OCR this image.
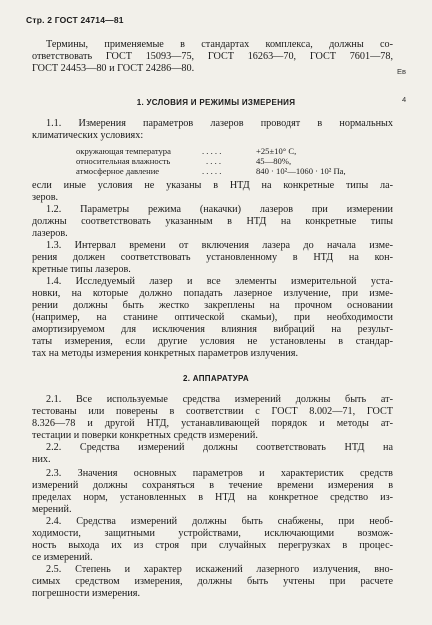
Стр. 2 ГОСТ 24714—81
Ев
4
Термины, применяемые в стандартах комплекса, должны со-
ответствовать ГОСТ 15093—75, ГОСТ 16263—70, ГОСТ 7601—78,
ГОСТ 24453—80 и ГОСТ 24286—80.
1. УСЛОВИЯ И РЕЖИМЫ ИЗМЕРЕНИЯ
1.1. Измерения параметров лазеров проводят в нормальных
климатических условиях:
окружающая температура	. . . . .	+25±10° С,
относительная влажность	. . . .	45—80%,
атмосферное давление	. . . . .	840 · 10²—1060 · 10² Па,
если иные условия не указаны в НТД на конкретные типы ла-
зеров.
1.2. Параметры режима (накачки) лазеров при измерении
должны соответствовать указанным в НТД на конкретные типы
лазеров.
1.3. Интервал времени от включения лазера до начала изме-
рения должен соответствовать установленному в НТД на кон-
кретные типы лазеров.
1.4. Исследуемый лазер и все элементы измерительной уста-
новки, на которые должно попадать лазерное излучение, при изме-
рении должны быть жестко закреплены на прочном основании
(например, на станине оптической скамьи), при необходимости
амортизируемом для исключения влияния вибраций на результ-
таты измерения, если другие условия не установлены в стандар-
тах на методы измерения конкретных параметров излучения.
2. АППАРАТУРА
2.1. Все используемые средства измерений должны быть ат-
тестованы или поверены в соответствии с ГОСТ 8.002—71, ГОСТ
8.326—78 и другой НТД, устанавливающей порядок и методы ат-
тестации и поверки конкретных средств измерений.
2.2. Средства измерений должны соответствовать НТД на
них.
2.3. Значения основных параметров и характеристик средств
измерений должны сохраняться в течение времени измерения в
пределах норм, установленных в НТД на конкретное средство из-
мерений.
2.4. Средства измерений должны быть снабжены, при необ-
ходимости, защитными устройствами, исключающими возмож-
ность выхода их из строя при случайных перегрузках в процес-
се измерений.
2.5. Степень и характер искажений лазерного излучения, вно-
симых средством измерения, должны быть учтены при расчете
погрешности измерения.
